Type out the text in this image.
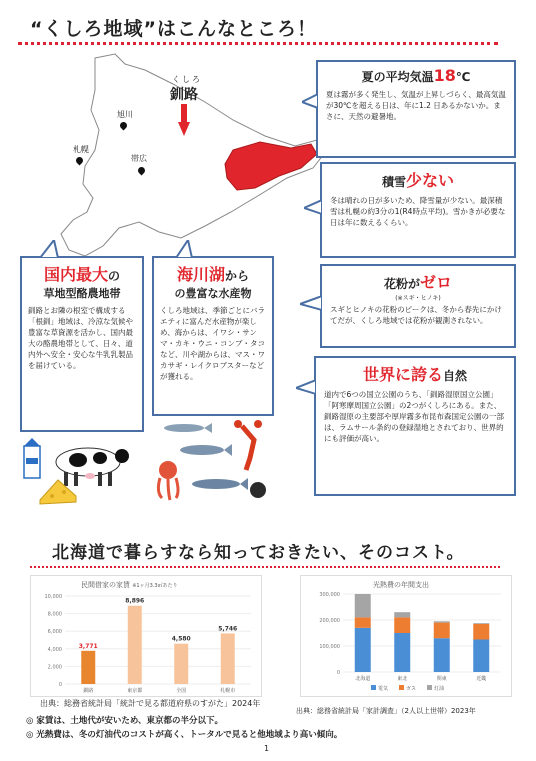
“くしろ地域”はこんなところ！
旭川
札幌
帯広
くしろ
釧路
夏の平均気温18℃
夏は霧が多く発生し、気温が上昇しづらく、最高気温が30℃を超える日は、年に1.2 日あるかないか。まさに、天然の避暑地。
積雪少ない
冬は晴れの日が多いため、降雪量が少ない。最深積雪は札幌の約3分の1(R4時点平均)。雪かきが必要な日は年に数えるくらい。
花粉がゼロ
(※スギ・ヒノキ)
スギとヒノキの花粉のピークは、冬から春先にかけてだが、くしろ地域では花粉が観測されない。
世界に誇る自然
道内で6つの国立公園のうち、「釧路湿原国立公園」「阿寒摩周国立公園」の2つがくしろにある。また、釧路湿原の主要部や厚岸霧多布昆布森国定公園の一部は、ラムサール条約の登録湿地とされており、世界的にも評価が高い。
国内最大の
草地型酪農地帯
釧路とお隣の根室で構成する「根釧」地域は、冷涼な気候や豊富な草資源を活かし、国内最大の酪農地帯として、日々、道内外へ安全・安心な牛乳乳製品を届けている。
海川湖から
の豊富な水産物
くしろ地域は、季節ごとにバラエティに富んだ水産物が楽しめ、海からは、イワシ・サンマ・カキ・ウニ・コンブ・タコなど、川や湖からは、マス・ワカサギ・レイクロブスターなどが獲れる。
北海道で暮らすなら知っておきたい、そのコスト。
民間借家の家賃 ※1ヶ月3.3㎡あたり
10,000
8,000
6,000
4,000
2,000
0
3,771
釧路
8,896
東京都
4,580
全国
5,746
札幌市
光熱費の年間支出
300,000
200,000
100,000
0
北海道	東北	関東	近畿
電気	ガス	灯油
出典：総務省統計局「統計で見る都道府県のすがた」2024年
出典：総務省統計局「家計調査」（2人以上世帯）2023年
◎ 家賃は、土地代が安いため、東京都の半分以下。
◎ 光熱費は、冬の灯油代のコストが高く、トータルで見ると他地域より高い傾向。
1
